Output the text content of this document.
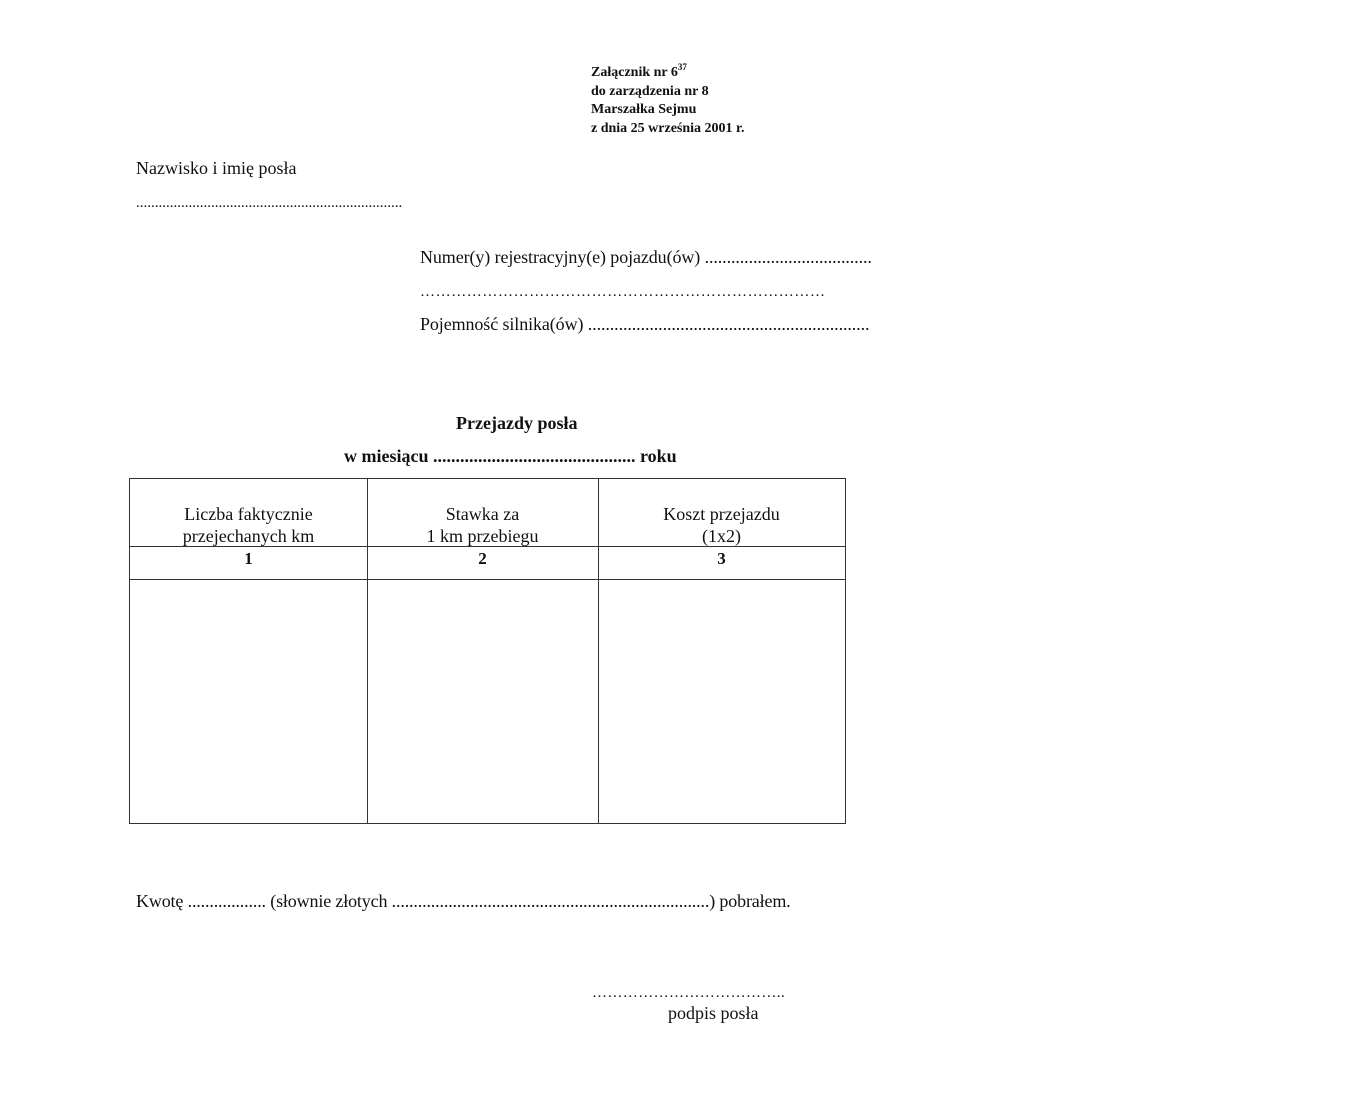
Załącznik nr $6^{37}$
do zarządzenia nr 8
Marszałka Sejmu
z dnia 25 września 2001 r.
Nazwisko i imię posła
.......................................................................
Numer(y) rejestracyjny(e) pojazdu(ów) ......................................
……………………………………………………………………
Pojemność silnika(ów) ................................................................
Przejazdy posła
w miesiącu ............................................. roku
Liczba faktycznie
przejechanych km
Stawka za
1 km przebiegu
Koszt przejazdu
(1x2)
1	2	3
Kwotę .................. (słownie złotych .........................................................................) pobrałem.
………………………………..
podpis posła
